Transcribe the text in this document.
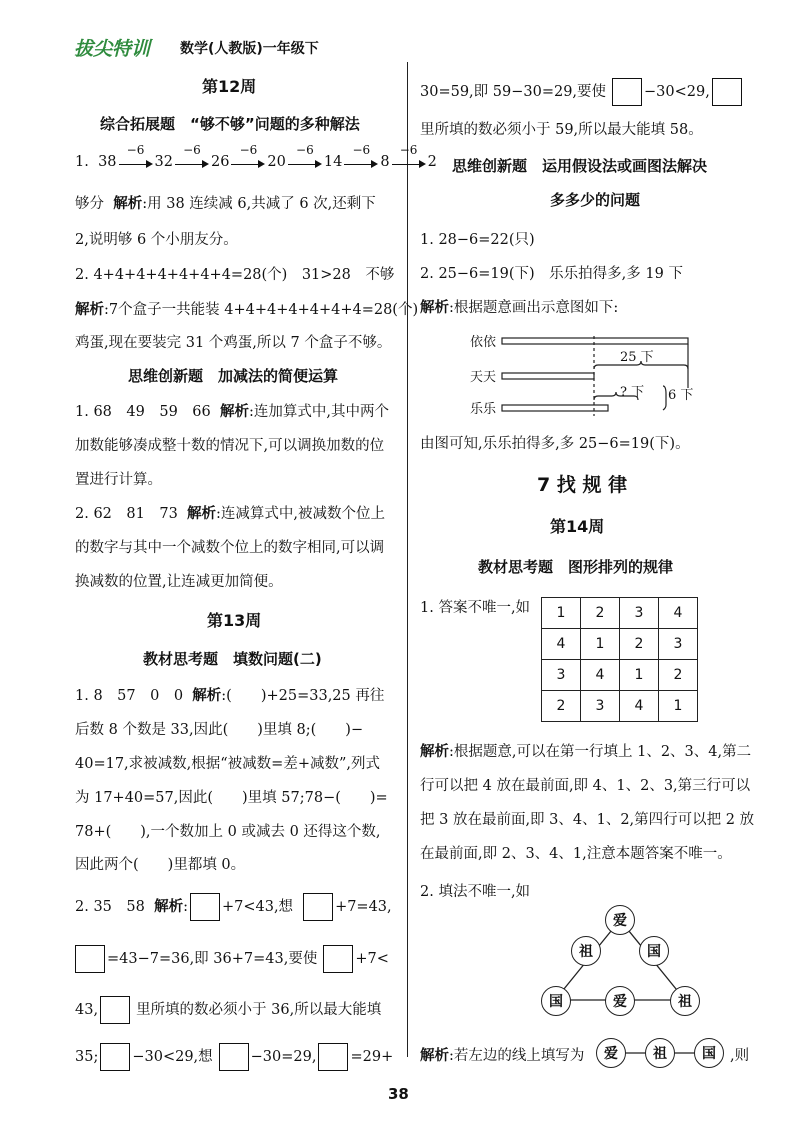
拔尖特训 数学(人教版)一年级下
第12周
综合拓展题　“够不够”问题的多种解法
1. 38
−6
32
−6
26
−6
20
−6
14
−6
8
−6
2
够分 解析:用 38 连续减 6,共减了 6 次,还剩下
2,说明够 6 个小朋友分。
2. 4+4+4+4+4+4+4=28(个)　31>28　不够
解析:7个盒子一共能装 4+4+4+4+4+4+4=28(个)
鸡蛋,现在要装完 31 个鸡蛋,所以 7 个盒子不够。
思维创新题　加减法的简便运算
1. 68　49　59　66 解析:连加算式中,其中两个
加数能够凑成整十数的情况下,可以调换加数的位
置进行计算。
2. 62　81　73 解析:连减算式中,被减数个位上
的数字与其中一个减数个位上的数字相同,可以调
换减数的位置,让连减更加简便。
第13周
教材思考题　填数问题(二)
1. 8　57　0　0 解析:(　　)+25=33,25 再往
后数 8 个数是 33,因此(　　)里填 8;(　　)−
40=17,求被减数,根据“被减数=差+减数”,列式
为 17+40=57,因此(　　)里填 57;78−(　　)=
78+(　　),一个数加上 0 或减去 0 还得这个数,
因此两个(　　)里都填 0。
2. 35　58 解析: +7<43,想	+7=43,
=43−7=36,即 36+7=43,要使	+7<
43,	里所填的数必须小于 36,所以最大能填
35; −30<29,想	−30=29, =29+
30=59,即 59−30=29,要使	−30<29,
里所填的数必须小于 59,所以最大能填 58。
思维创新题　运用假设法或画图法解决
多多少的问题
1. 28−6=22(只)
2. 25−6=19(下)　乐乐拍得多,多 19 下
解析:根据题意画出示意图如下:
依依
天天
乐乐
25 下
? 下 6 下
由图可知,乐乐拍得多,多 25−6=19(下)。
7 找 规 律
第14周
教材思考题　图形排列的规律
1. 答案不唯一,如 1	2	3	4
4	1	2	3
3	4	1	2
2	3	4	1
解析:根据题意,可以在第一行填上 1、2、3、4,第二
行可以把 4 放在最前面,即 4、1、2、3,第三行可以
把 3 放在最前面,即 3、4、1、2,第四行可以把 2 放
在最前面,即 2、3、4、1,注意本题答案不唯一。
2. 填法不唯一,如
爱
祖	国
国	爱	祖
解析:若左边的线上填写为	爱	祖	国 ,则
38
